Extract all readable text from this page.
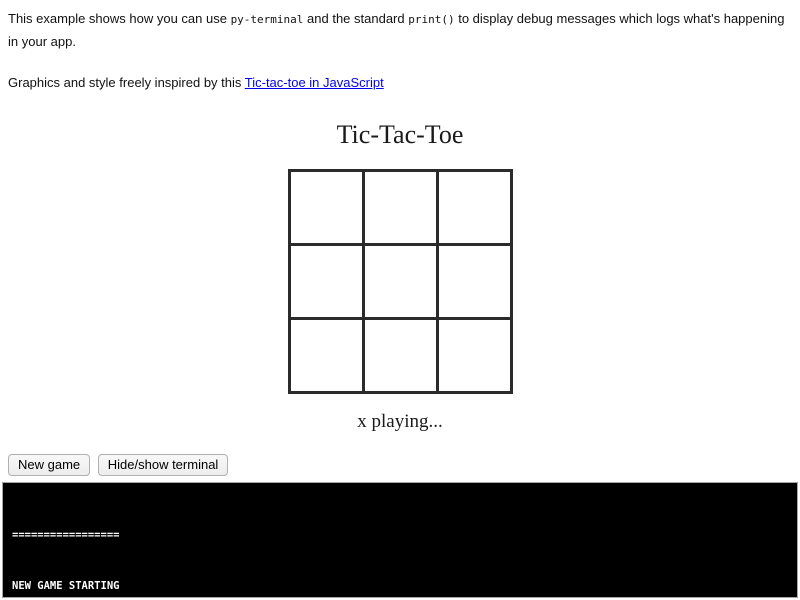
This example shows how you can use py-terminal and the standard print() to display debug messages which logs what's happening in your app.

Graphics and style freely inspired by this Tic-tac-toe in JavaScript

Tic-Tac-Toe
x playing...
New game Hide/show terminal

=================

NEW GAME STARTING
